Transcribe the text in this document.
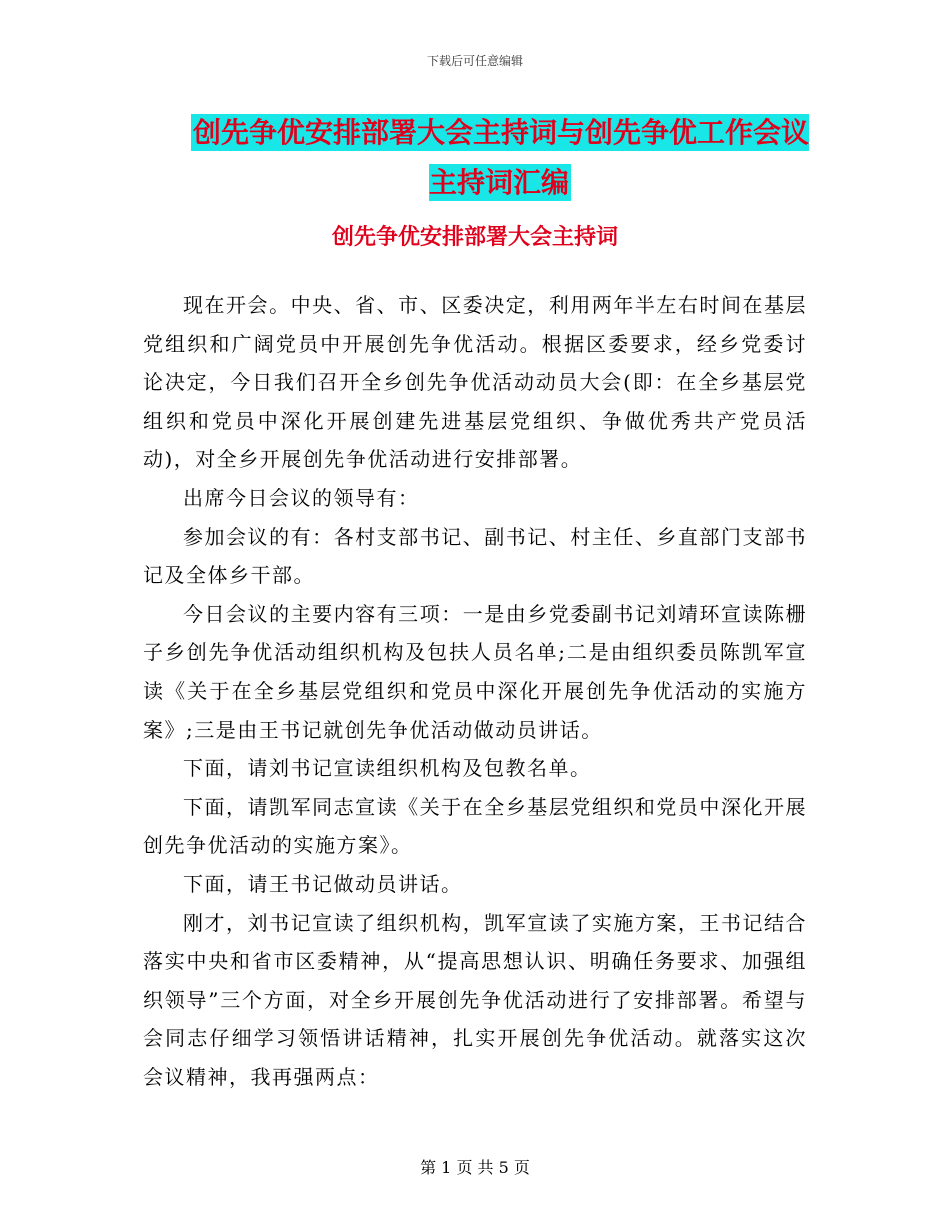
下载后可任意编辑
创先争优安排部署大会主持词与创先争优工作会议主持词汇编
创先争优安排部署大会主持词

现在开会。中央、省、市、区委决定，利用两年半左右时间在基层党组织和广阔党员中开展创先争优活动。根据区委要求，经乡党委讨论决定，今日我们召开全乡创先争优活动动员大会(即：在全乡基层党组织和党员中深化开展创建先进基层党组织、争做优秀共产党员活动)，对全乡开展创先争优活动进行安排部署。

出席今日会议的领导有：

参加会议的有：各村支部书记、副书记、村主任、乡直部门支部书记及全体乡干部。

今日会议的主要内容有三项：一是由乡党委副书记刘靖环宣读陈栅子乡创先争优活动组织机构及包扶人员名单;二是由组织委员陈凯军宣读《关于在全乡基层党组织和党员中深化开展创先争优活动的实施方案》;三是由王书记就创先争优活动做动员讲话。

下面，请刘书记宣读组织机构及包教名单。

下面，请凯军同志宣读《关于在全乡基层党组织和党员中深化开展创先争优活动的实施方案》。

下面，请王书记做动员讲话。

刚才，刘书记宣读了组织机构，凯军宣读了实施方案，王书记结合落实中央和省市区委精神，从“提高思想认识、明确任务要求、加强组织领导”三个方面，对全乡开展创先争优活动进行了安排部署。希望与会同志仔细学习领悟讲话精神，扎实开展创先争优活动。就落实这次会议精神，我再强两点：

第 1 页 共 5 页
